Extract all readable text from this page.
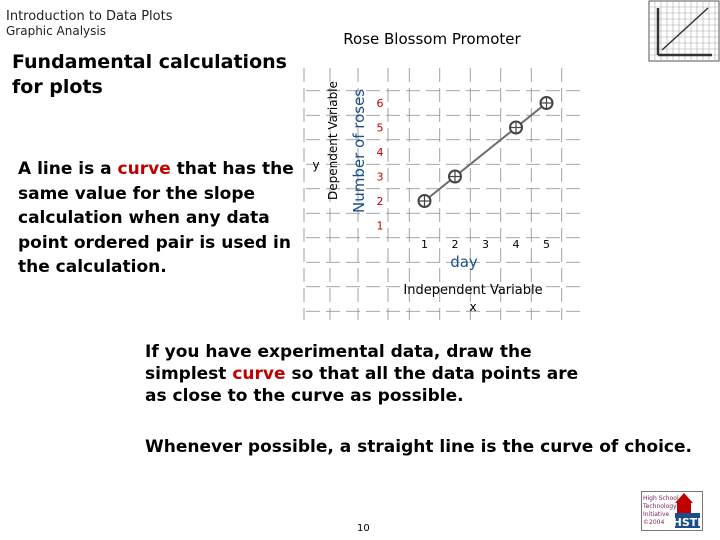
Introduction to Data Plots
Graphic Analysis
Fundamental calculations for plots
A line is a curve that has the same value for the slope calculation when any data point ordered pair is used in the calculation.
Rose Blossom Promoter
Dependent Variable
y Number of roses
day
Independent Variable
x
1 2 3 4 5
1
2
3
4
5
6
If you have experimental data, draw the simplest curve so that all the data points are as close to the curve as possible.
Whenever possible, a straight line is the curve of choice.
10
High School
Technology
Initiative
©2004 HSTI
